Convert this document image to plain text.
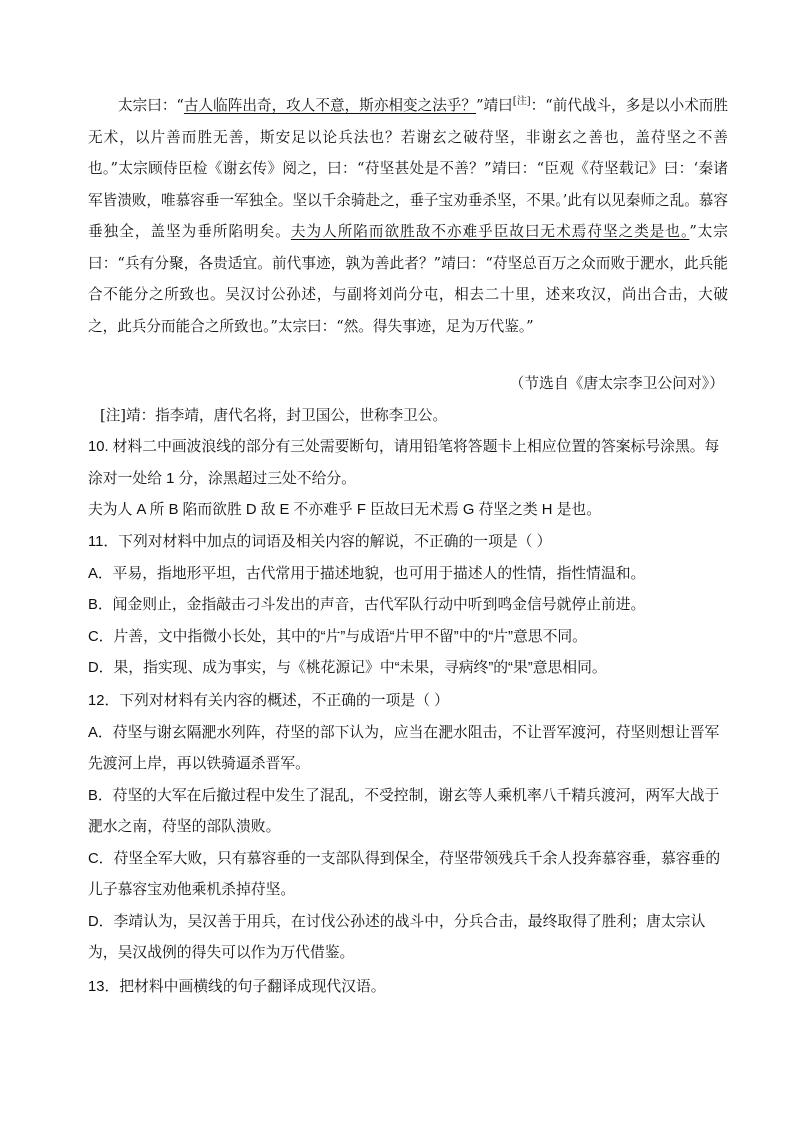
太宗曰：“古人临阵出奇，攻人不意，斯亦相变之法乎？”靖曰[注]：“前代战斗，多是以小术而胜无术，以片善而胜无善，斯安足以论兵法也？若谢玄之破苻坚，非谢玄之善也，盖苻坚之不善也。”太宗顾侍臣检《谢玄传》阅之，曰：“苻坚甚处是不善？”靖曰：“臣观《苻坚载记》曰：‘秦诸军皆溃败，唯慕容垂一军独全。坚以千余骑赴之，垂子宝劝垂杀坚，不果。’此有以见秦师之乱。慕容垂独全，盖坚为垂所陷明矣。夫为人所陷而欲胜敌不亦难乎臣故曰无术焉苻坚之类是也。”太宗曰：“兵有分聚，各贵适宜。前代事迹，孰为善此者？”靖曰：“苻坚总百万之众而败于淝水，此兵能合不能分之所致也。吴汉讨公孙述，与副将刘尚分屯，相去二十里，述来攻汉，尚出合击，大破之，此兵分而能合之所致也。”太宗曰：“然。得失事迹，足为万代鉴。”

（节选自《唐太宗李卫公问对》）
[注]靖：指李靖，唐代名将，封卫国公，世称李卫公。

10. 材料二中画波浪线的部分有三处需要断句，请用铅笔将答题卡上相应位置的答案标号涂黑。每涂对一处给 1 分，涂黑超过三处不给分。

夫为人 A 所 B 陷而欲胜 D 敌 E 不亦难乎 F 臣故曰无术焉 G 苻坚之类 H 是也。

11．下列对材料中加点的词语及相关内容的解说，不正确的一项是（ ）

A．平易，指地形平坦，古代常用于描述地貌，也可用于描述人的性情，指性情温和。

B．闻金则止，金指敲击刁斗发出的声音，古代军队行动中听到鸣金信号就停止前进。

C．片善，文中指微小长处，其中的“片”与成语“片甲不留”中的“片”意思不同。

D．果，指实现、成为事实，与《桃花源记》中“未果，寻病终”的“果”意思相同。

12．下列对材料有关内容的概述，不正确的一项是（ ）

A．苻坚与谢玄隔淝水列阵，苻坚的部下认为，应当在淝水阻击，不让晋军渡河，苻坚则想让晋军先渡河上岸，再以铁骑逼杀晋军。

B．苻坚的大军在后撤过程中发生了混乱，不受控制，谢玄等人乘机率八千精兵渡河，两军大战于淝水之南，苻坚的部队溃败。

C．苻坚全军大败，只有慕容垂的一支部队得到保全，苻坚带领残兵千余人投奔慕容垂，慕容垂的儿子慕容宝劝他乘机杀掉苻坚。

D．李靖认为，吴汉善于用兵，在讨伐公孙述的战斗中，分兵合击，最终取得了胜利；唐太宗认为，吴汉战例的得失可以作为万代借鉴。

13．把材料中画横线的句子翻译成现代汉语。
